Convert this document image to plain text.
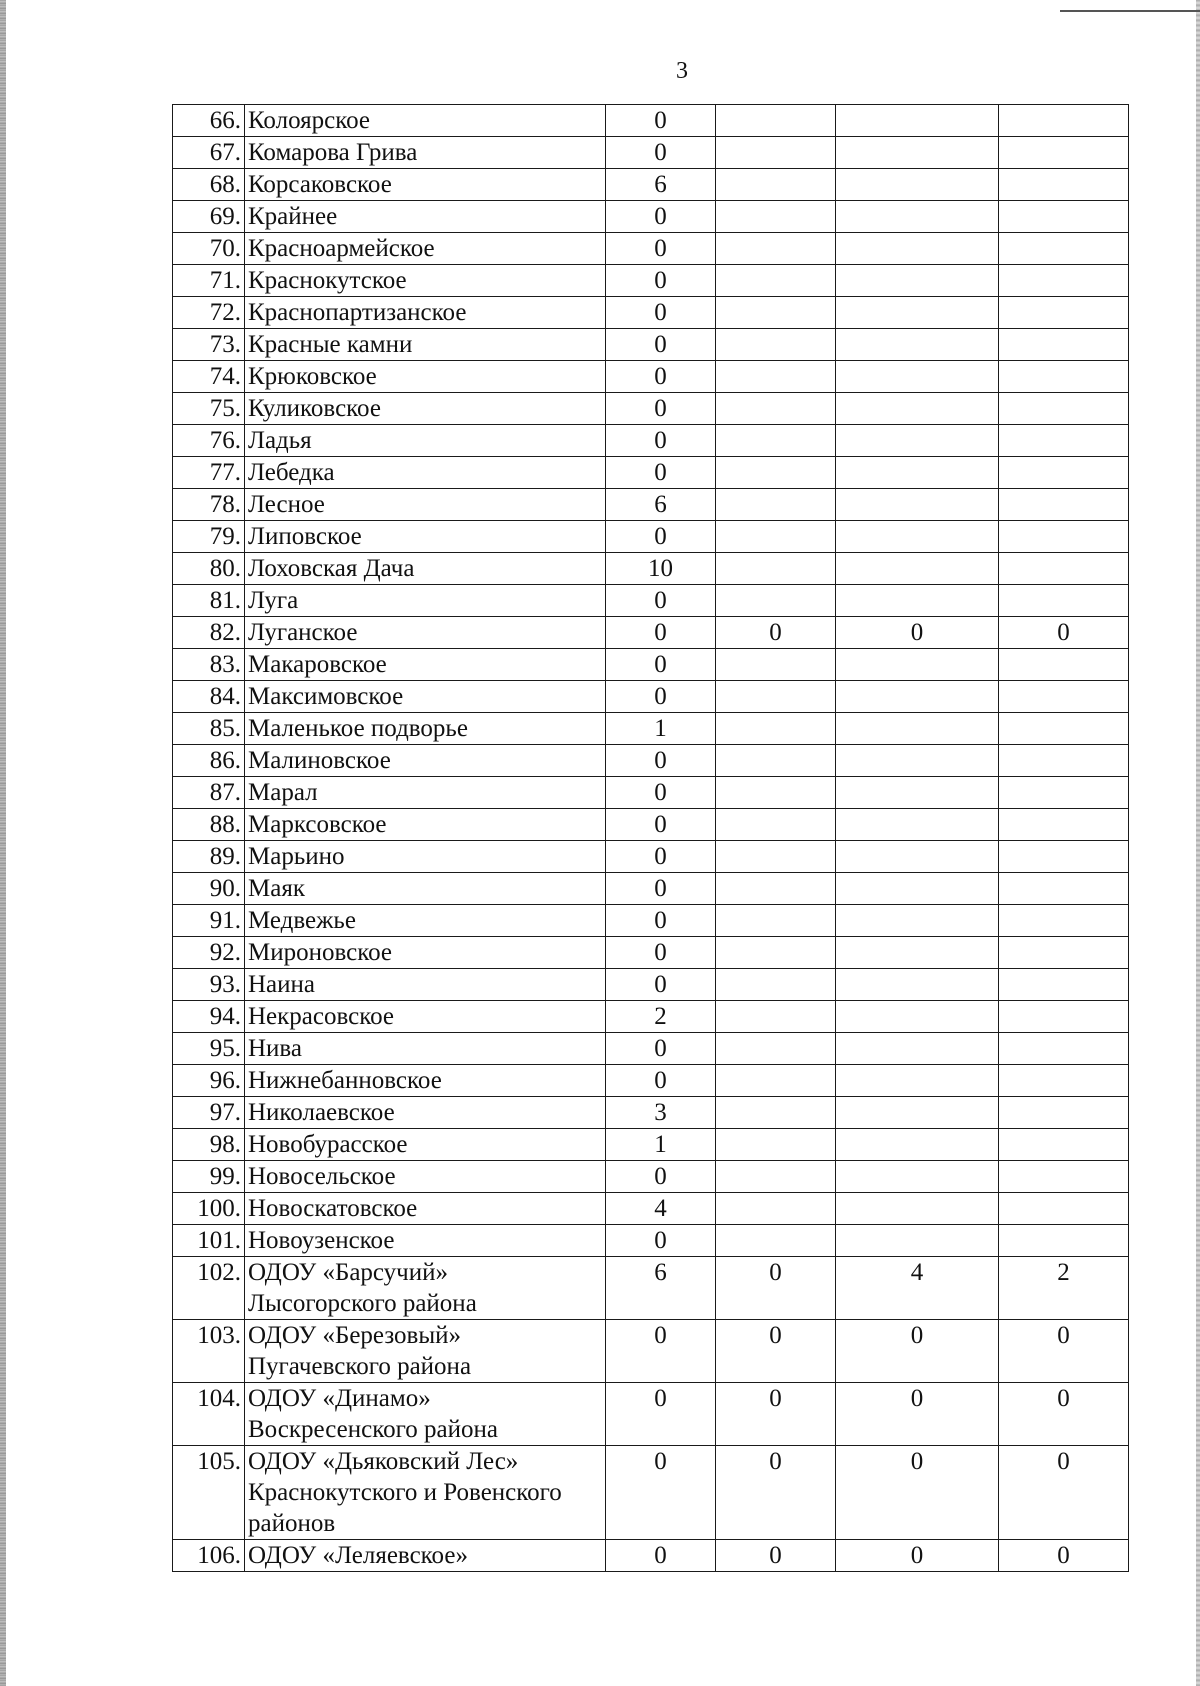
3
66.	Колоярское	0			
67.	Комарова Грива	0			
68.	Корсаковское	6			
69.	Крайнее	0			
70.	Красноармейское	0			
71.	Краснокутское	0			
72.	Краснопартизанское	0			
73.	Красные камни	0			
74.	Крюковское	0			
75.	Куликовское	0			
76.	Ладья	0			
77.	Лебедка	0			
78.	Лесное	6			
79.	Липовское	0			
80.	Лоховская Дача	10			
81.	Луга	0			
82.	Луганское	0	0	0	0
83.	Макаровское	0			
84.	Максимовское	0			
85.	Маленькое подворье	1			
86.	Малиновское	0			
87.	Марал	0			
88.	Марксовское	0			
89.	Марьино	0			
90.	Маяк	0			
91.	Медвежье	0			
92.	Мироновское	0			
93.	Наина	0			
94.	Некрасовское	2			
95.	Нива	0			
96.	Нижнебанновское	0			
97.	Николаевское	3			
98.	Новобурасское	1			
99.	Новосельское	0			
100.	Новоскатовское	4			
101.	Новоузенское	0			
102.	ОДОУ «Барсучий» Лысогорского района	6	0	4	2
103.	ОДОУ «Березовый» Пугачевского района	0	0	0	0
104.	ОДОУ «Динамо» Воскресенского района	0	0	0	0
105.	ОДОУ «Дьяковский Лес» Краснокутского и Ровенского районов	0	0	0	0
106.	ОДОУ «Леляевское»	0	0	0	0
